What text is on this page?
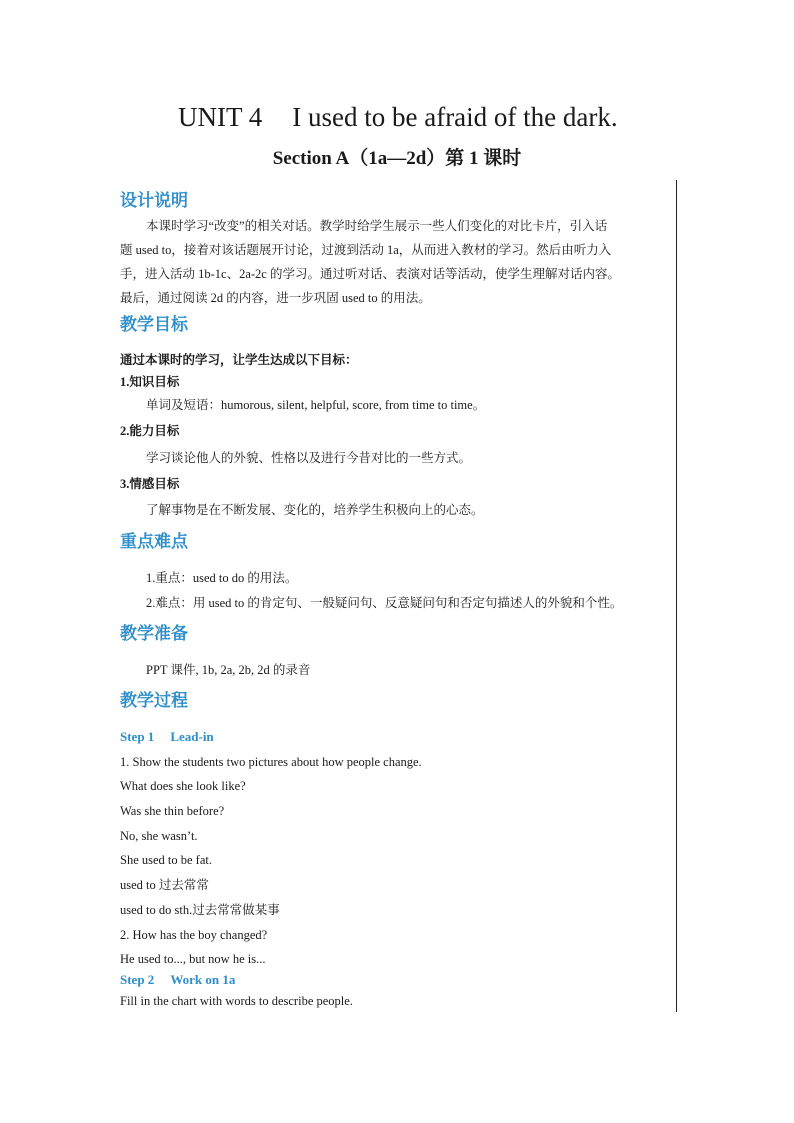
UNIT 4 I used to be afraid of the dark.
Section A（1a—2d）第 1 课时
设计说明
本课时学习“改变”的相关对话。教学时给学生展示一些人们变化的对比卡片，引入话
题 used to，接着对该话题展开讨论，过渡到活动 1a，从而进入教材的学习。然后由听力入
手，进入活动 1b-1c、2a-2c 的学习。通过听对话、表演对话等活动，使学生理解对话内容。
最后，通过阅读 2d 的内容，进一步巩固 used to 的用法。
教学目标
通过本课时的学习，让学生达成以下目标：
1.知识目标
单词及短语：humorous, silent, helpful, score, from time to time。
2.能力目标
学习谈论他人的外貌、性格以及进行今昔对比的一些方式。
3.情感目标
了解事物是在不断发展、变化的，培养学生积极向上的心态。
重点难点
1.重点：used to do 的用法。
2.难点：用 used to 的肯定句、一般疑问句、反意疑问句和否定句描述人的外貌和个性。
教学准备
PPT 课件, 1b, 2a, 2b, 2d 的录音
教学过程
Step 1 Lead-in
1. Show the students two pictures about how people change.
What does she look like?
Was she thin before?
No, she wasn’t.
She used to be fat.
used to 过去常常
used to do sth.过去常常做某事
2. How has the boy changed?
He used to..., but now he is...
Step 2 Work on 1a
Fill in the chart with words to describe people.
